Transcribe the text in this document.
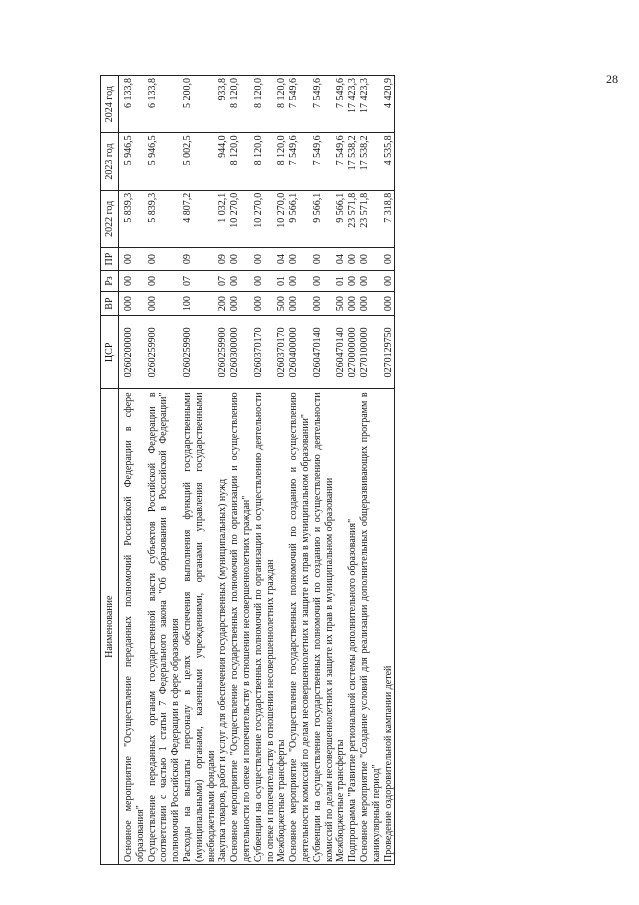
28
Наименование	ЦСР	ВР	Рз	ПР	2022 год	2023 год	2024 год

Основное мероприятие "Осуществление переданных полномочий Российской Федерации в сфере образования"	0260200000	000	00	00	5 839,3	5 946,5	6 133,8
Осуществление переданных органам государственной власти субъектов Российской Федерации в соответствии с частью 1 статьи 7 Федерального закона "Об образовании в Российской Федерации" полномочий Российской Федерации в сфере образования	0260259900	000	00	00	5 839,3	5 946,5	6 133,8
Расходы на выплаты персоналу в целях обеспечения выполнения функций государственными (муниципальными) органами, казенными учреждениями, органами управления государственными внебюджетными фондами	0260259900	100	07	09	4 807,2	5 002,5	5 200,0
Закупка товаров, работ и услуг для обеспечения государственных (муниципальных) нужд	0260259900	200	07	09	1 032,1	944,0	933,8
Основное мероприятие "Осуществление государственных полномочий по организации и осуществлению деятельности по опеке и попечительству в отношении несовершеннолетних граждан"	0260300000	000	00	00	10 270,0	8 120,0	8 120,0
Субвенции на осуществление государственных полномочий по организации и осуществлению деятельности по опеке и попечительству в отношении несовершеннолетних граждан	0260370170	000	00	00	10 270,0	8 120,0	8 120,0
Межбюджетные трансферты	0260370170	500	01	04	10 270,0	8 120,0	8 120,0
Основное мероприятие "Осуществление государственных полномочий по созданию и осуществлению деятельности комиссий по делам несовершеннолетних и защите их прав в муниципальном образовании"	0260400000	000	00	00	9 566,1	7 549,6	7 549,6
Субвенции на осуществление государственных полномочий по созданию и осуществлению деятельности комиссий по делам несовершеннолетних и защите их прав в муниципальном образовании	0260470140	000	00	00	9 566,1	7 549,6	7 549,6
Межбюджетные трансферты	0260470140	500	01	04	9 566,1	7 549,6	7 549,6
Подпрограмма "Развитие региональной системы дополнительного образования"	0270000000	000	00	00	23 571,8	17 538,2	17 423,3
Основное мероприятие "Создание условий для реализации дополнительных общеразвивающих программ в каникулярный период"	0270100000	000	00	00	23 571,8	17 538,2	17 423,3
Проведение оздоровительной кампании детей	0270129750	000	00	00	7 318,8	4 535,8	4 420,9
